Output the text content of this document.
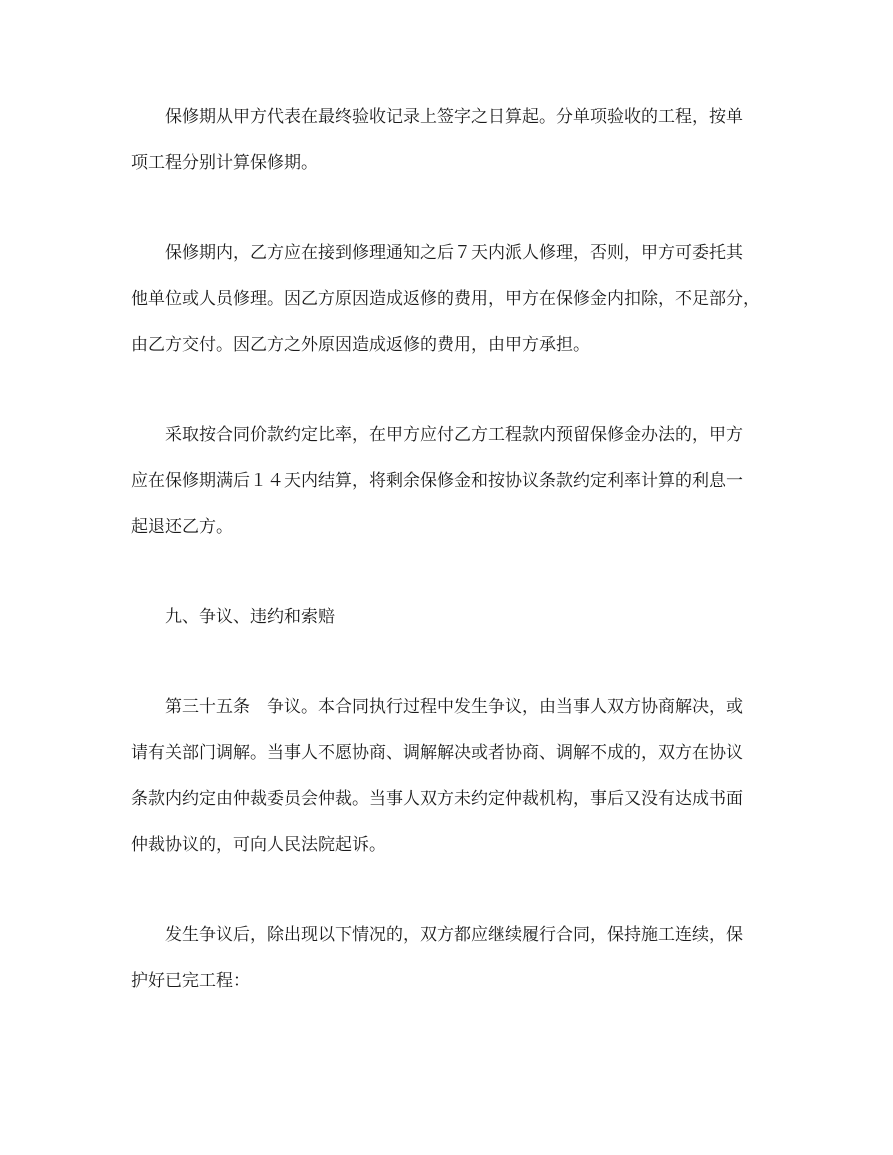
保修期从甲方代表在最终验收记录上签字之日算起。分单项验收的工程，按单
项工程分别计算保修期。
保修期内，乙方应在接到修理通知之后７天内派人修理，否则，甲方可委托其
他单位或人员修理。因乙方原因造成返修的费用，甲方在保修金内扣除，不足部分，
由乙方交付。因乙方之外原因造成返修的费用，由甲方承担。
采取按合同价款约定比率，在甲方应付乙方工程款内预留保修金办法的，甲方
应在保修期满后１４天内结算，将剩余保修金和按协议条款约定利率计算的利息一
起退还乙方。
九、争议、违约和索赔
第三十五条　争议。本合同执行过程中发生争议，由当事人双方协商解决，或
请有关部门调解。当事人不愿协商、调解解决或者协商、调解不成的，双方在协议
条款内约定由仲裁委员会仲裁。当事人双方未约定仲裁机构，事后又没有达成书面
仲裁协议的，可向人民法院起诉。
发生争议后，除出现以下情况的，双方都应继续履行合同，保持施工连续，保
护好已完工程：
